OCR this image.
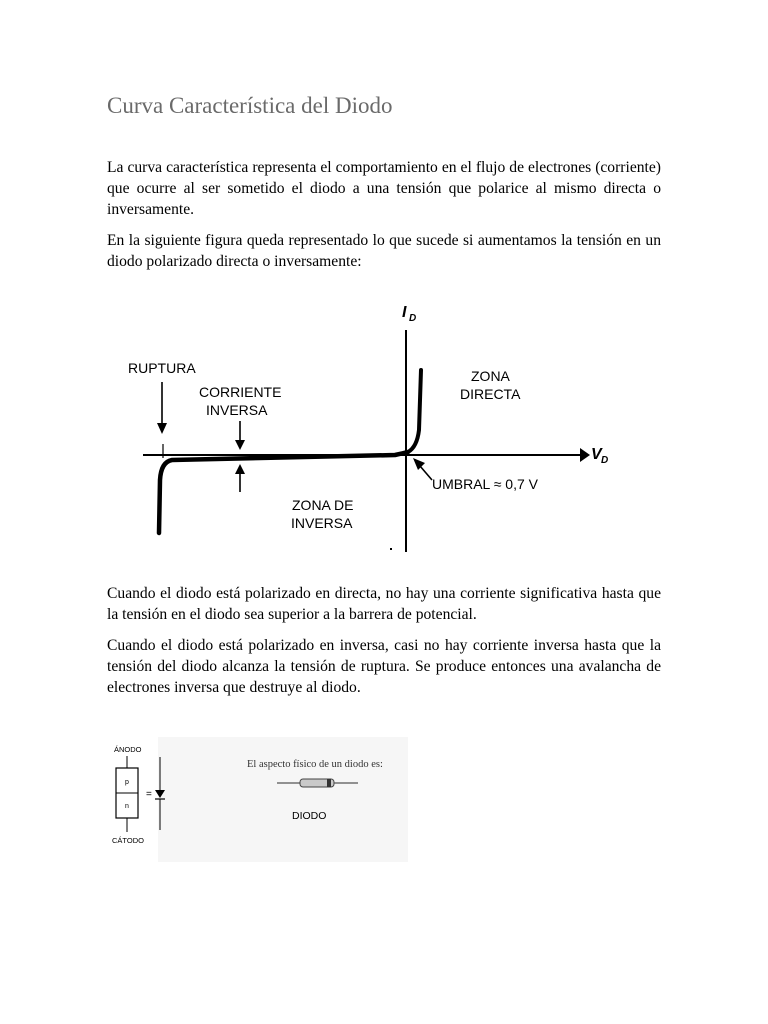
Curva Característica del Diodo

La curva característica representa el comportamiento en el flujo de electrones (corriente) que ocurre al ser sometido el diodo a una tensión que polarice al mismo directa o inversamente.

En la siguiente figura queda representado lo que sucede si aumentamos la tensión en un diodo polarizado directa o inversamente:

I D
V D
RUPTURA
CORRIENTE
INVERSA
ZONA
DIRECTA
UMBRAL ≈ 0,7 V
ZONA DE
INVERSA

Cuando el diodo está polarizado en directa, no hay una corriente significativa hasta que la tensión en el diodo sea superior a la barrera de potencial.

Cuando el diodo está polarizado en inversa, casi no hay corriente inversa hasta que la tensión del diodo alcanza la tensión de ruptura. Se produce entonces una avalancha de electrones inversa que destruye al diodo.

ÁNODO
p
n
CÁTODO
=
El aspecto físico de un diodo es:
DIODO
